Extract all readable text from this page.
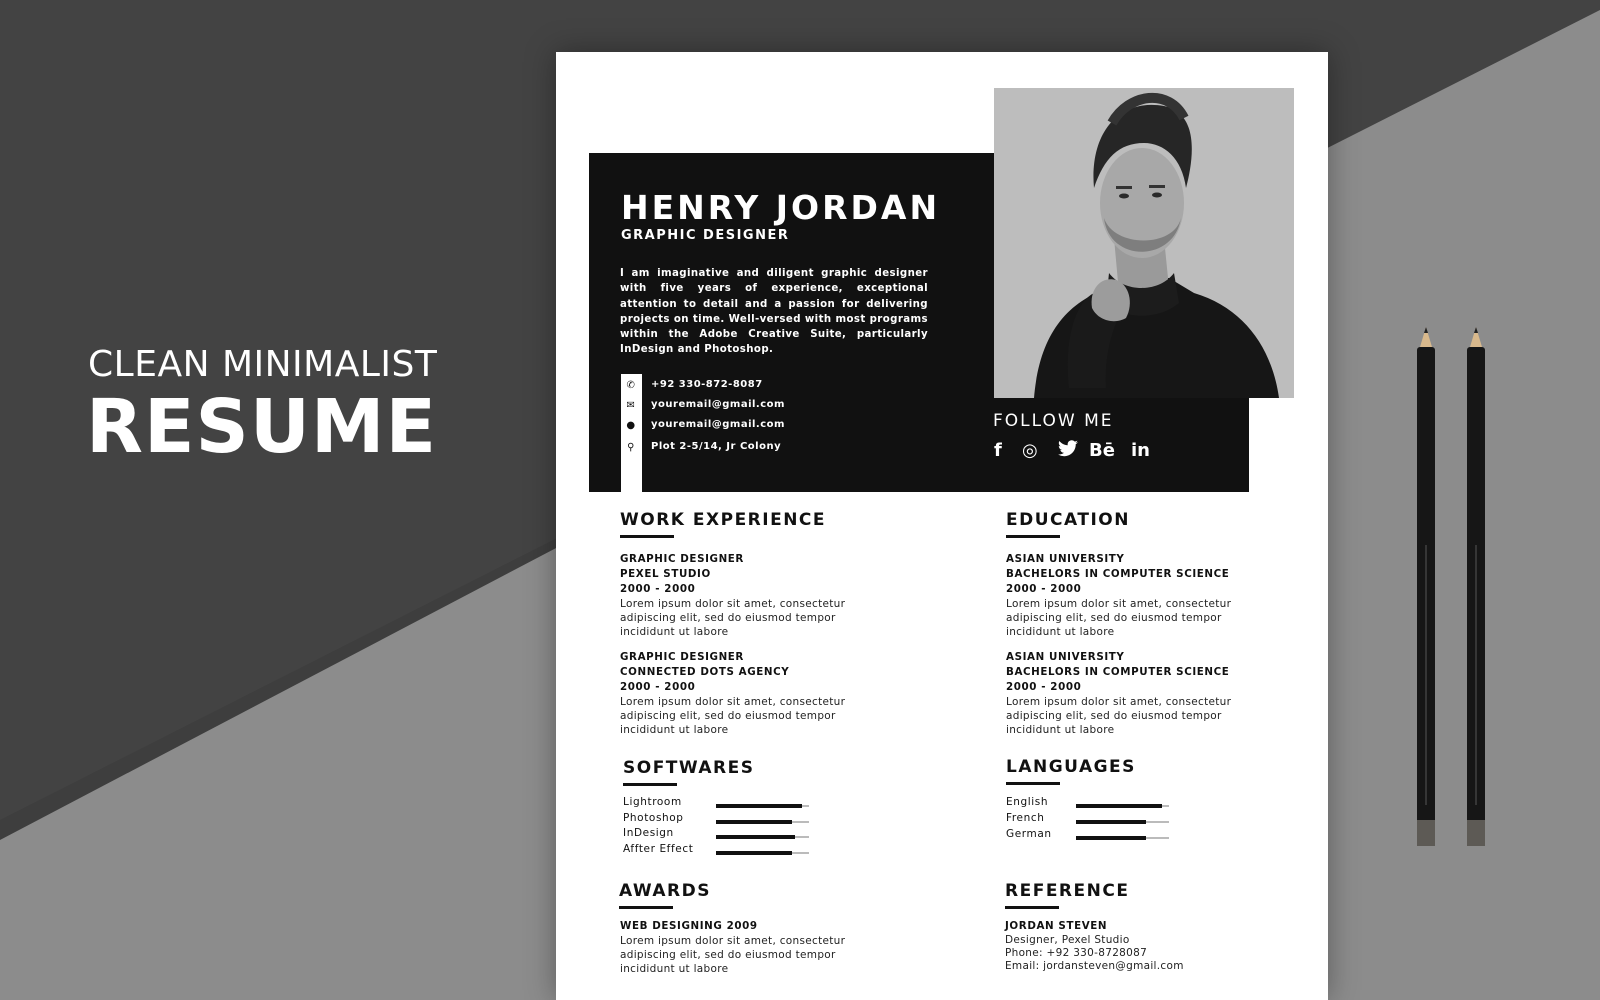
CLEAN MINIMALIST
RESUME
HENRY JORDAN
GRAPHIC DESIGNER
I am imaginative and diligent graphic designer with five years of experience, exceptional attention to detail and a passion for delivering projects on time. Well-versed with most programs within the Adobe Creative Suite, particularly InDesign and Photoshop.
✆ +92 330-872-8087
✉ youremail@gmail.com
● youremail@gmail.com
⚲ Plot 2-5/14, Jr Colony
FOLLOW ME
f ◎	Bē in
WORK EXPERIENCE
GRAPHIC DESIGNER
PEXEL STUDIO
2000 - 2000
Lorem ipsum dolor sit amet, consectetur adipiscing elit, sed do eiusmod tempor incididunt ut labore
GRAPHIC DESIGNER
CONNECTED DOTS AGENCY
2000 - 2000
Lorem ipsum dolor sit amet, consectetur adipiscing elit, sed do eiusmod tempor incididunt ut labore
EDUCATION
ASIAN UNIVERSITY
BACHELORS IN COMPUTER SCIENCE
2000 - 2000
Lorem ipsum dolor sit amet, consectetur adipiscing elit, sed do eiusmod tempor incididunt ut labore
ASIAN UNIVERSITY
BACHELORS IN COMPUTER SCIENCE
2000 - 2000
Lorem ipsum dolor sit amet, consectetur adipiscing elit, sed do eiusmod tempor incididunt ut labore
SOFTWARES
Lightroom
Photoshop
InDesign
Affter Effect
LANGUAGES
English
French
German
AWARDS
WEB DESIGNING 2009
Lorem ipsum dolor sit amet, consectetur adipiscing elit, sed do eiusmod tempor incididunt ut labore
REFERENCE
JORDAN STEVEN
Designer, Pexel Studio
Phone: +92 330-8728087
Email: jordansteven@gmail.com
